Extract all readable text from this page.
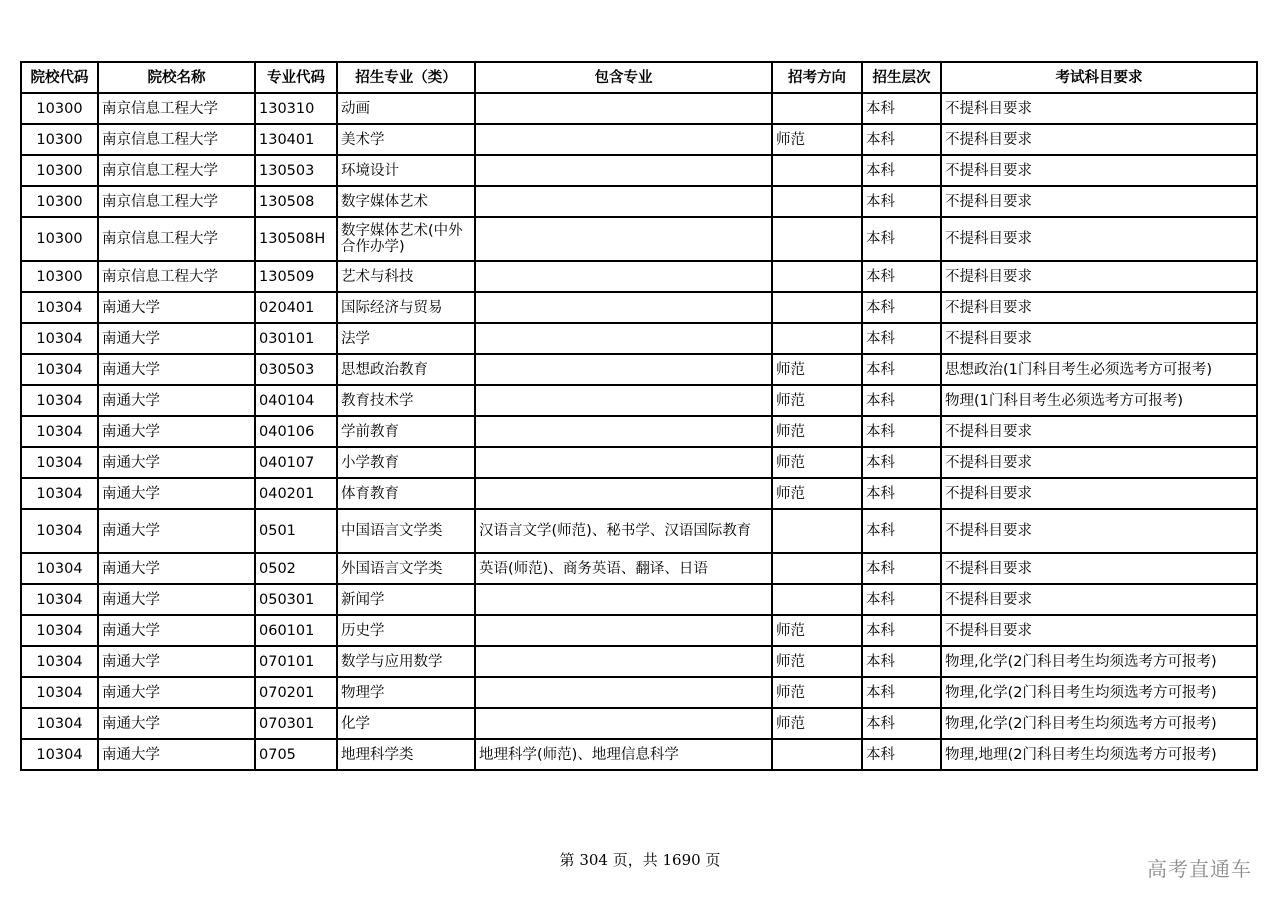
院校代码	院校名称	专业代码	招生专业（类）	包含专业	招考方向	招生层次	考试科目要求
10300	南京信息工程大学	130310	动画			本科	不提科目要求
10300	南京信息工程大学	130401	美术学		师范	本科	不提科目要求
10300	南京信息工程大学	130503	环境设计			本科	不提科目要求
10300	南京信息工程大学	130508	数字媒体艺术			本科	不提科目要求
10300	南京信息工程大学	130508H	数字媒体艺术(中外合作办学)			本科	不提科目要求
10300	南京信息工程大学	130509	艺术与科技			本科	不提科目要求
10304	南通大学	020401	国际经济与贸易			本科	不提科目要求
10304	南通大学	030101	法学			本科	不提科目要求
10304	南通大学	030503	思想政治教育		师范	本科	思想政治(1门科目考生必须选考方可报考)
10304	南通大学	040104	教育技术学		师范	本科	物理(1门科目考生必须选考方可报考)
10304	南通大学	040106	学前教育		师范	本科	不提科目要求
10304	南通大学	040107	小学教育		师范	本科	不提科目要求
10304	南通大学	040201	体育教育		师范	本科	不提科目要求
10304	南通大学	0501	中国语言文学类	汉语言文学(师范)、秘书学、汉语国际教育		本科	不提科目要求
10304	南通大学	0502	外国语言文学类	英语(师范)、商务英语、翻译、日语		本科	不提科目要求
10304	南通大学	050301	新闻学			本科	不提科目要求
10304	南通大学	060101	历史学		师范	本科	不提科目要求
10304	南通大学	070101	数学与应用数学		师范	本科	物理,化学(2门科目考生均须选考方可报考)
10304	南通大学	070201	物理学		师范	本科	物理,化学(2门科目考生均须选考方可报考)
10304	南通大学	070301	化学		师范	本科	物理,化学(2门科目考生均须选考方可报考)
10304	南通大学	0705	地理科学类	地理科学(师范)、地理信息科学		本科	物理,地理(2门科目考生均须选考方可报考)
第 304 页，共 1690 页	高考直通车
